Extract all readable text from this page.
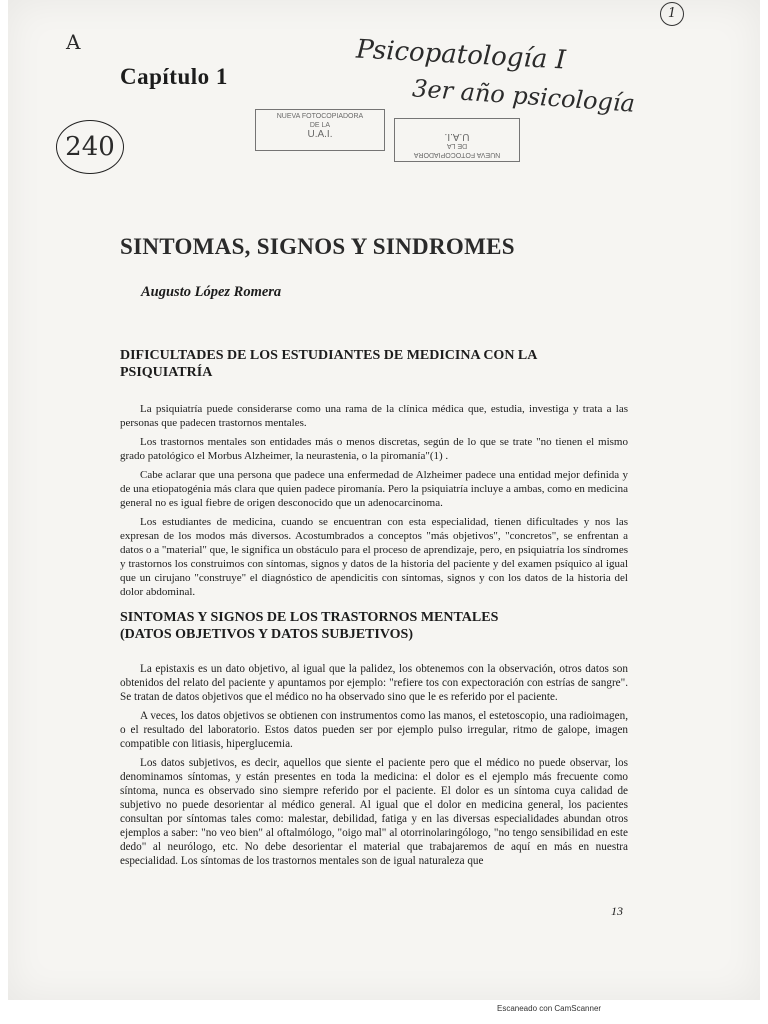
A
1
Psicopatología I
3er año psicología
240
NUEVA FOTOCOPIADORA
DE LA
U.A.I.
NUEVA FOTOCOPIADORA
DE LA
U.A.I.
Capítulo 1
SINTOMAS, SIGNOS Y SINDROMES
Augusto López Romera
DIFICULTADES DE LOS ESTUDIANTES DE MEDICINA CON LA PSIQUIATRÍA

La psiquiatría puede considerarse como una rama de la clínica médica que, estudia, investiga y trata a las personas que padecen trastornos mentales.

Los trastornos mentales son entidades más o menos discretas, según de lo que se trate "no tienen el mismo grado patológico el Morbus Alzheimer, la neurastenia, o la piromanía"(1) .

Cabe aclarar que una persona que padece una enfermedad de Alzheimer padece una entidad mejor definida y de una etiopatogénia más clara que quien padece piromanía. Pero la psiquiatría incluye a ambas, como en medicina general no es igual fiebre de origen desconocido que un adenocarcinoma.

Los estudiantes de medicina, cuando se encuentran con esta especialidad, tienen dificultades y nos las expresan de los modos más diversos. Acostumbrados a conceptos "más objetivos", "concretos", se enfrentan a datos o a "material" que, le significa un obstáculo para el proceso de aprendizaje, pero, en psiquiatría los síndromes y trastornos los construimos con síntomas, signos y datos de la historia del paciente y del examen psíquico al igual que un cirujano "construye" el diagnóstico de apendicitis con síntomas, signos y con los datos de la historia del dolor abdominal.

SINTOMAS Y SIGNOS DE LOS TRASTORNOS MENTALES
(DATOS OBJETIVOS Y DATOS SUBJETIVOS)

La epistaxis es un dato objetivo, al igual que la palidez, los obtenemos con la observación, otros datos son obtenidos del relato del paciente y apuntamos por ejemplo: "refiere tos con expectoración con estrías de sangre". Se tratan de datos objetivos que el médico no ha observado sino que le es referido por el paciente.

A veces, los datos objetivos se obtienen con instrumentos como las manos, el estetoscopio, una radioimagen, o el resultado del laboratorio. Estos datos pueden ser por ejemplo pulso irregular, ritmo de galope, imagen compatible con litiasis, hiperglucemia.

Los datos subjetivos, es decir, aquellos que siente el paciente pero que el médico no puede observar, los denominamos síntomas, y están presentes en toda la medicina: el dolor es el ejemplo más frecuente como síntoma, nunca es observado sino siempre referido por el paciente. El dolor es un síntoma cuya calidad de subjetivo no puede desorientar al médico general. Al igual que el dolor en medicina general, los pacientes consultan por síntomas tales como: malestar, debilidad, fatiga y en las diversas especialidades abundan otros ejemplos a saber: "no veo bien" al oftalmólogo, "oigo mal" al otorrinolaringólogo, "no tengo sensibilidad en este dedo" al neurólogo, etc. No debe desorientar el material que trabajaremos de aquí en más en nuestra especialidad. Los síntomas de los trastornos mentales son de igual naturaleza que

13
Escaneado con CamScanner
